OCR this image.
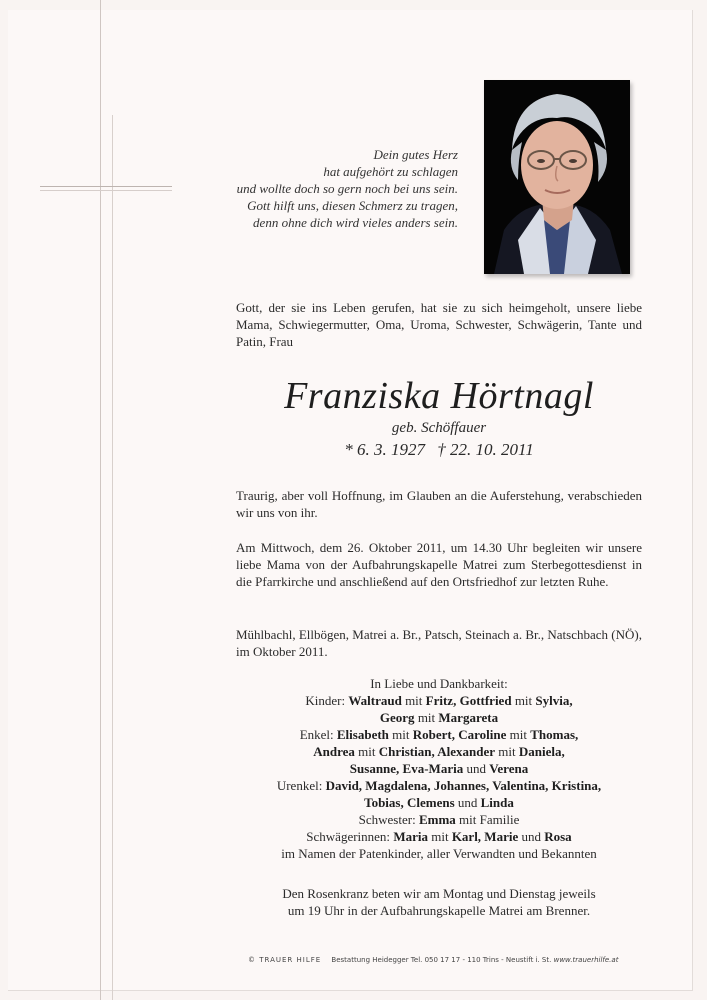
Dein gutes Herz
hat aufgehört zu schlagen
und wollte doch so gern noch bei uns sein.
Gott hilft uns, diesen Schmerz zu tragen,
denn ohne dich wird vieles anders sein.
Gott, der sie ins Leben gerufen, hat sie zu sich heimgeholt, unsere liebe Mama, Schwiegermutter, Oma, Uroma, Schwester, Schwägerin, Tante und Patin, Frau
Franziska Hörtnagl
geb. Schöffauer
* 6. 3. 1927 † 22. 10. 2011
Traurig, aber voll Hoffnung, im Glauben an die Auferstehung, verabschieden wir uns von ihr.
Am Mittwoch, dem 26. Oktober 2011, um 14.30 Uhr begleiten wir unsere liebe Mama von der Aufbahrungskapelle Matrei zum Sterbegottesdienst in die Pfarrkirche und anschließend auf den Ortsfriedhof zur letzten Ruhe.
Mühlbachl, Ellbögen, Matrei a. Br., Patsch, Steinach a. Br., Natschbach (NÖ), im Oktober 2011.
In Liebe und Dankbarkeit:
Kinder: Waltraud mit Fritz, Gottfried mit Sylvia,
Georg mit Margareta
Enkel: Elisabeth mit Robert, Caroline mit Thomas,
Andrea mit Christian, Alexander mit Daniela,
Susanne, Eva-Maria und Verena
Urenkel: David, Magdalena, Johannes, Valentina, Kristina,
Tobias, Clemens und Linda
Schwester: Emma mit Familie
Schwägerinnen: Maria mit Karl, Marie und Rosa
im Namen der Patenkinder, aller Verwandten und Bekannten
Den Rosenkranz beten wir am Montag und Dienstag jeweils
um 19 Uhr in der Aufbahrungskapelle Matrei am Brenner.
© TRAUER HILFE Bestattung Heidegger Tel. 050 17 17 - 110 Trins - Neustift i. St. www.trauerhilfe.at
